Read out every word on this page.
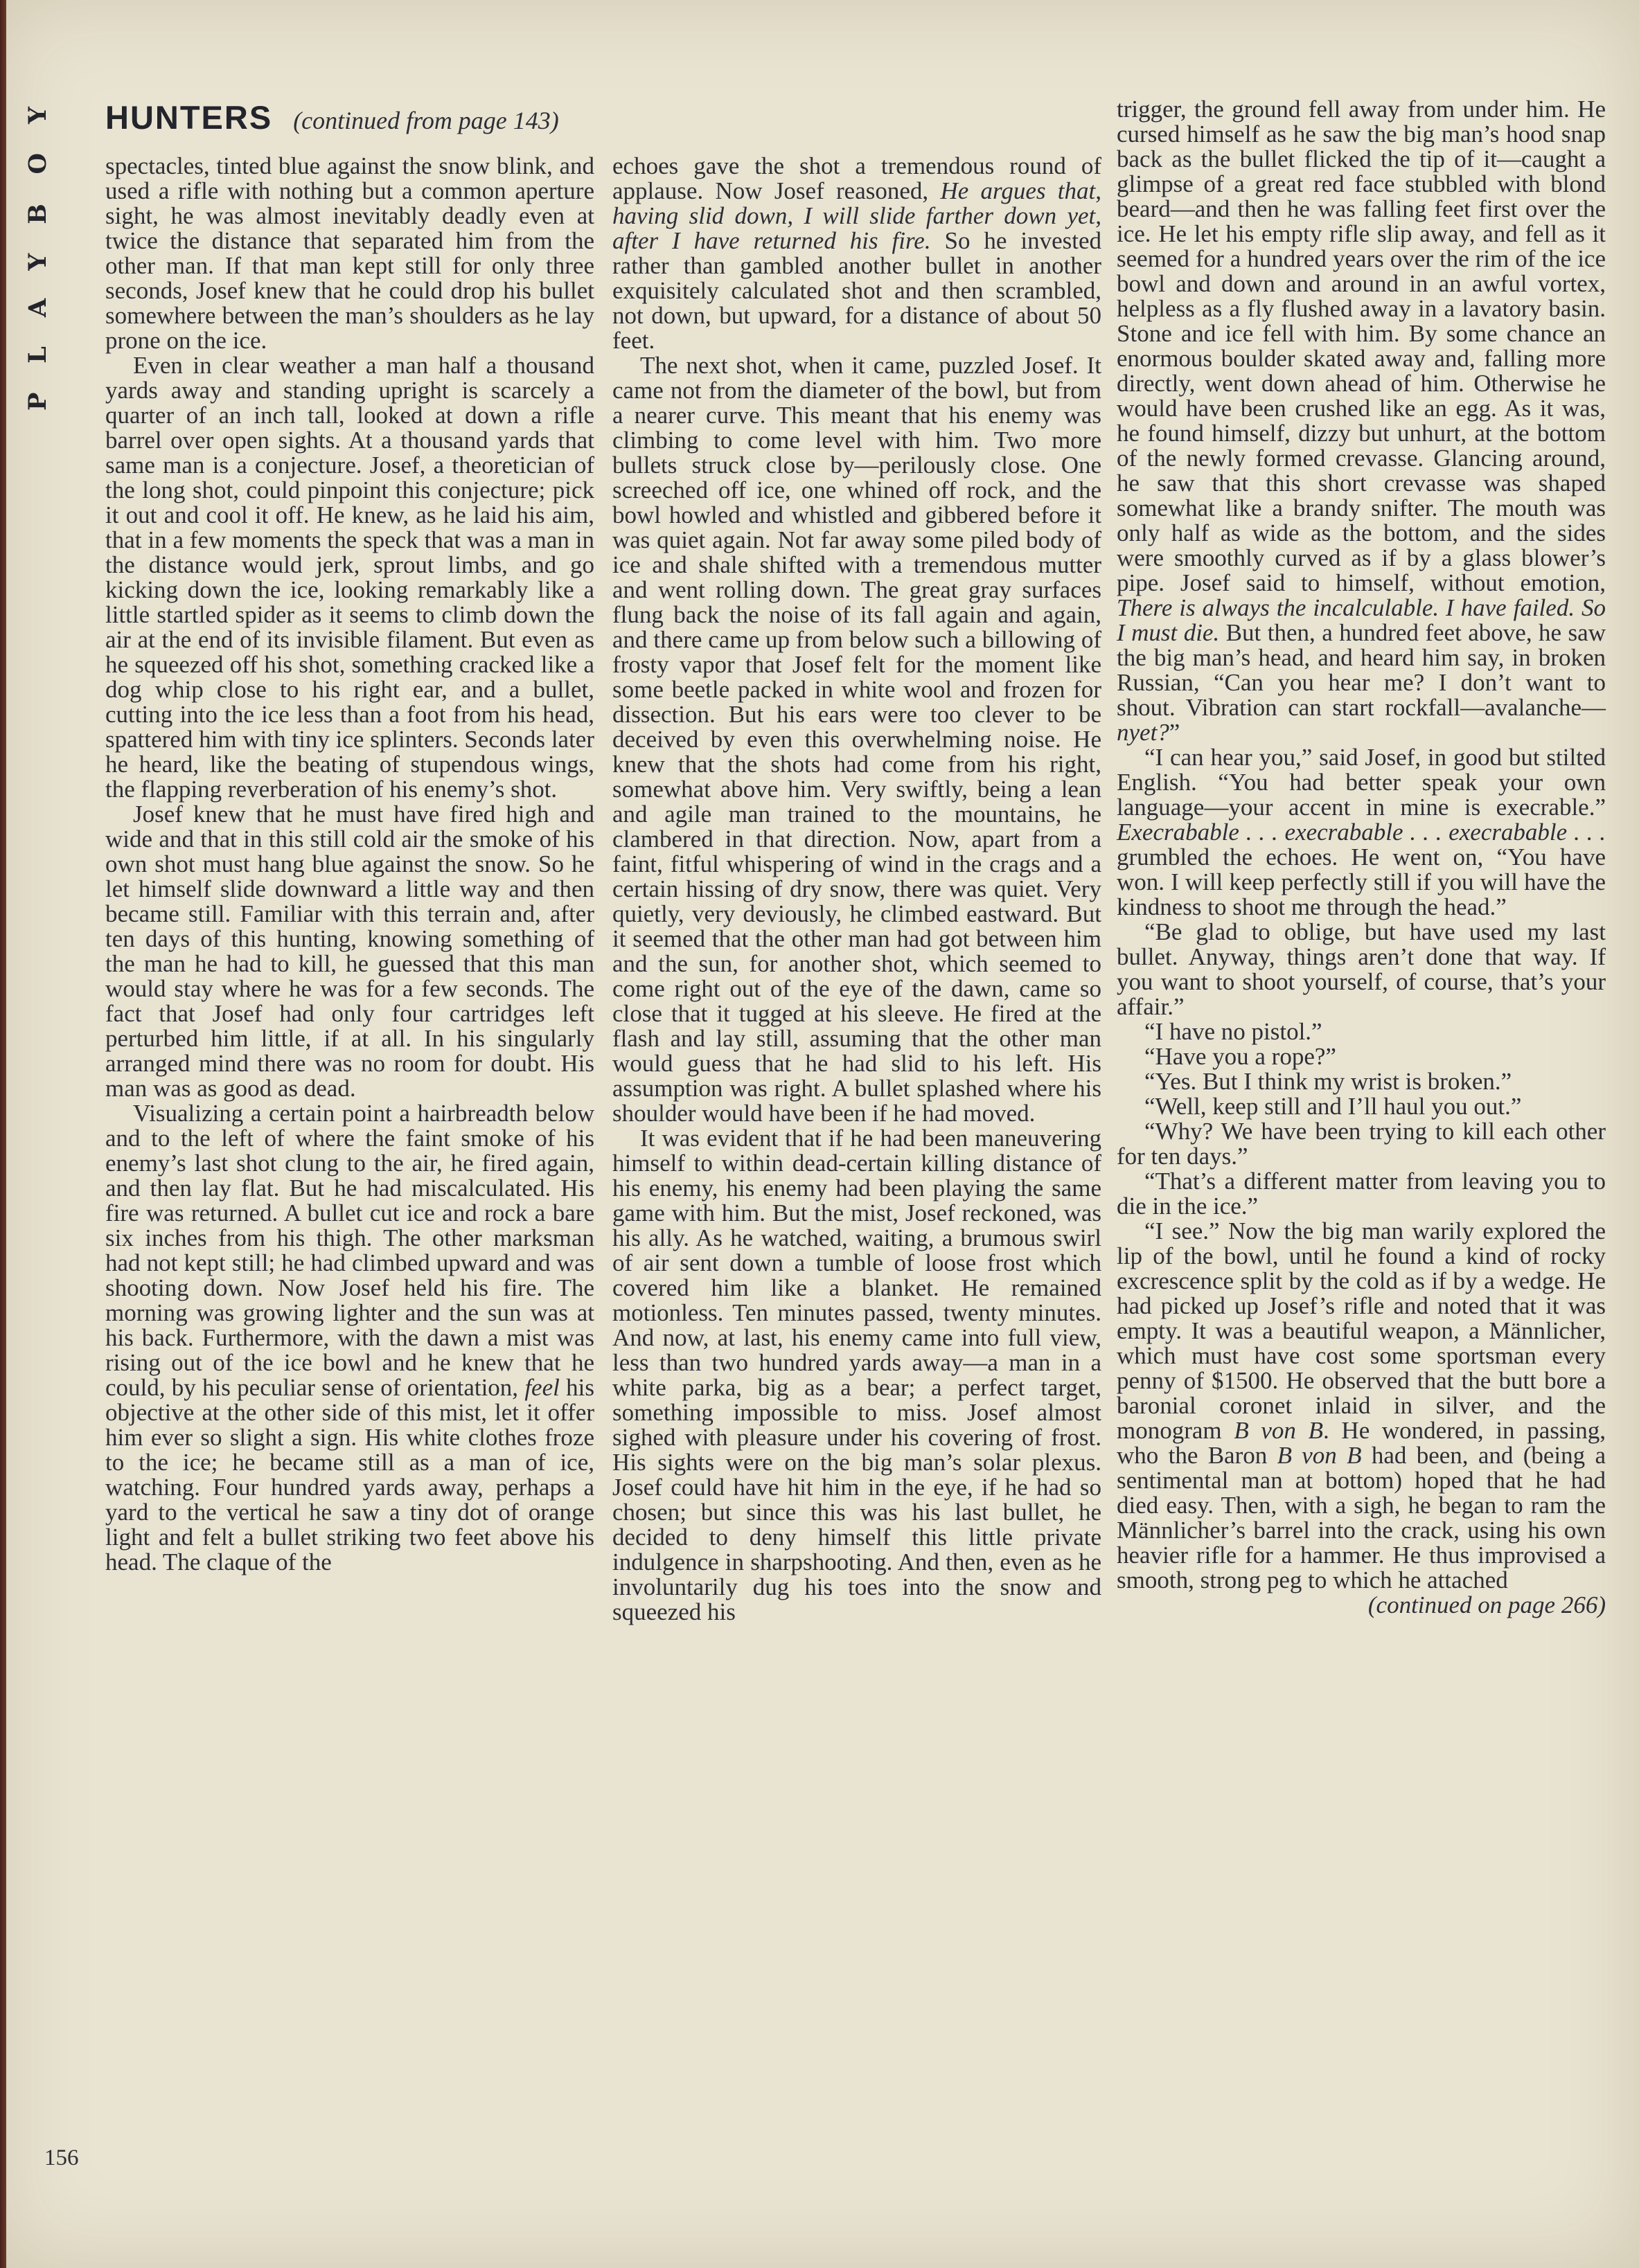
PLAYBOY HUNTERS (continued from page 143)

spectacles, tinted blue against the snow blink, and used a rifle with nothing but a common aperture sight, he was almost inevitably deadly even at twice the distance that separated him from the other man. If that man kept still for only three seconds, Josef knew that he could drop his bullet somewhere between the man’s shoulders as he lay prone on the ice.

Even in clear weather a man half a thousand yards away and standing upright is scarcely a quarter of an inch tall, looked at down a rifle barrel over open sights. At a thousand yards that same man is a conjecture. Josef, a theoretician of the long shot, could pinpoint this conjecture; pick it out and cool it off. He knew, as he laid his aim, that in a few moments the speck that was a man in the distance would jerk, sprout limbs, and go kicking down the ice, looking remarkably like a little startled spider as it seems to climb down the air at the end of its invisible filament. But even as he squeezed off his shot, something cracked like a dog whip close to his right ear, and a bullet, cutting into the ice less than a foot from his head, spattered him with tiny ice splinters. Seconds later he heard, like the beating of stupendous wings, the flapping reverberation of his enemy’s shot.

Josef knew that he must have fired high and wide and that in this still cold air the smoke of his own shot must hang blue against the snow. So he let himself slide downward a little way and then became still. Familiar with this terrain and, after ten days of this hunting, knowing something of the man he had to kill, he guessed that this man would stay where he was for a few seconds. The fact that Josef had only four cartridges left perturbed him little, if at all. In his singularly arranged mind there was no room for doubt. His man was as good as dead.

Visualizing a certain point a hairbreadth below and to the left of where the faint smoke of his enemy’s last shot clung to the air, he fired again, and then lay flat. But he had miscalculated. His fire was returned. A bullet cut ice and rock a bare six inches from his thigh. The other marksman had not kept still; he had climbed upward and was shooting down. Now Josef held his fire. The morning was growing lighter and the sun was at his back. Furthermore, with the dawn a mist was rising out of the ice bowl and he knew that he could, by his peculiar sense of orientation, feel his objective at the other side of this mist, let it offer him ever so slight a sign. His white clothes froze to the ice; he became still as a man of ice, watching. Four hundred yards away, perhaps a yard to the vertical he saw a tiny dot of orange light and felt a bullet striking two feet above his head. The claque of the

echoes gave the shot a tremendous round of applause. Now Josef reasoned, He argues that, having slid down, I will slide farther down yet, after I have returned his fire. So he invested rather than gambled another bullet in another exquisitely calculated shot and then scrambled, not down, but upward, for a distance of about 50 feet.

The next shot, when it came, puzzled Josef. It came not from the diameter of the bowl, but from a nearer curve. This meant that his enemy was climbing to come level with him. Two more bullets struck close by—perilously close. One screeched off ice, one whined off rock, and the bowl howled and whistled and gibbered before it was quiet again. Not far away some piled body of ice and shale shifted with a tremendous mutter and went rolling down. The great gray surfaces flung back the noise of its fall again and again, and there came up from below such a billowing of frosty vapor that Josef felt for the moment like some beetle packed in white wool and frozen for dissection. But his ears were too clever to be deceived by even this overwhelming noise. He knew that the shots had come from his right, somewhat above him. Very swiftly, being a lean and agile man trained to the mountains, he clambered in that direction. Now, apart from a faint, fitful whispering of wind in the crags and a certain hissing of dry snow, there was quiet. Very quietly, very deviously, he climbed eastward. But it seemed that the other man had got between him and the sun, for another shot, which seemed to come right out of the eye of the dawn, came so close that it tugged at his sleeve. He fired at the flash and lay still, assuming that the other man would guess that he had slid to his left. His assumption was right. A bullet splashed where his shoulder would have been if he had moved.

It was evident that if he had been maneuvering himself to within dead-certain killing distance of his enemy, his enemy had been playing the same game with him. But the mist, Josef reckoned, was his ally. As he watched, waiting, a brumous swirl of air sent down a tumble of loose frost which covered him like a blanket. He remained motionless. Ten minutes passed, twenty minutes. And now, at last, his enemy came into full view, less than two hundred yards away—a man in a white parka, big as a bear; a perfect target, something impossible to miss. Josef almost sighed with pleasure under his covering of frost. His sights were on the big man’s solar plexus. Josef could have hit him in the eye, if he had so chosen; but since this was his last bullet, he decided to deny himself this little private indulgence in sharpshooting. And then, even as he involuntarily dug his toes into the snow and squeezed his

trigger, the ground fell away from under him. He cursed himself as he saw the big man’s hood snap back as the bullet flicked the tip of it—caught a glimpse of a great red face stubbled with blond beard—and then he was falling feet first over the ice. He let his empty rifle slip away, and fell as it seemed for a hundred years over the rim of the ice bowl and down and around in an awful vortex, helpless as a fly flushed away in a lavatory basin. Stone and ice fell with him. By some chance an enormous boulder skated away and, falling more directly, went down ahead of him. Otherwise he would have been crushed like an egg. As it was, he found himself, dizzy but unhurt, at the bottom of the newly formed crevasse. Glancing around, he saw that this short crevasse was shaped somewhat like a brandy snifter. The mouth was only half as wide as the bottom, and the sides were smoothly curved as if by a glass blower’s pipe. Josef said to himself, without emotion, There is always the incalculable. I have failed. So I must die. But then, a hundred feet above, he saw the big man’s head, and heard him say, in broken Russian, “Can you hear me? I don’t want to shout. Vibration can start rockfall—avalanche—nyet?”

“I can hear you,” said Josef, in good but stilted English. “You had better speak your own language—your accent in mine is execrable.” Execrabable . . . execrabable . . . execrabable . . . grumbled the echoes. He went on, “You have won. I will keep perfectly still if you will have the kindness to shoot me through the head.”

“Be glad to oblige, but have used my last bullet. Anyway, things aren’t done that way. If you want to shoot yourself, of course, that’s your affair.”

“I have no pistol.”

“Have you a rope?”

“Yes. But I think my wrist is broken.”

“Well, keep still and I’ll haul you out.”

“Why? We have been trying to kill each other for ten days.”

“That’s a different matter from leaving you to die in the ice.”

“I see.” Now the big man warily explored the lip of the bowl, until he found a kind of rocky excrescence split by the cold as if by a wedge. He had picked up Josef’s rifle and noted that it was empty. It was a beautiful weapon, a Männlicher, which must have cost some sportsman every penny of $1500. He observed that the butt bore a baronial coronet inlaid in silver, and the monogram B von B. He wondered, in passing, who the Baron B von B had been, and (being a sentimental man at bottom) hoped that he had died easy. Then, with a sigh, he began to ram the Männlicher’s barrel into the crack, using his own heavier rifle for a hammer. He thus improvised a smooth, strong peg to which he attached

(continued on page 266)

156
